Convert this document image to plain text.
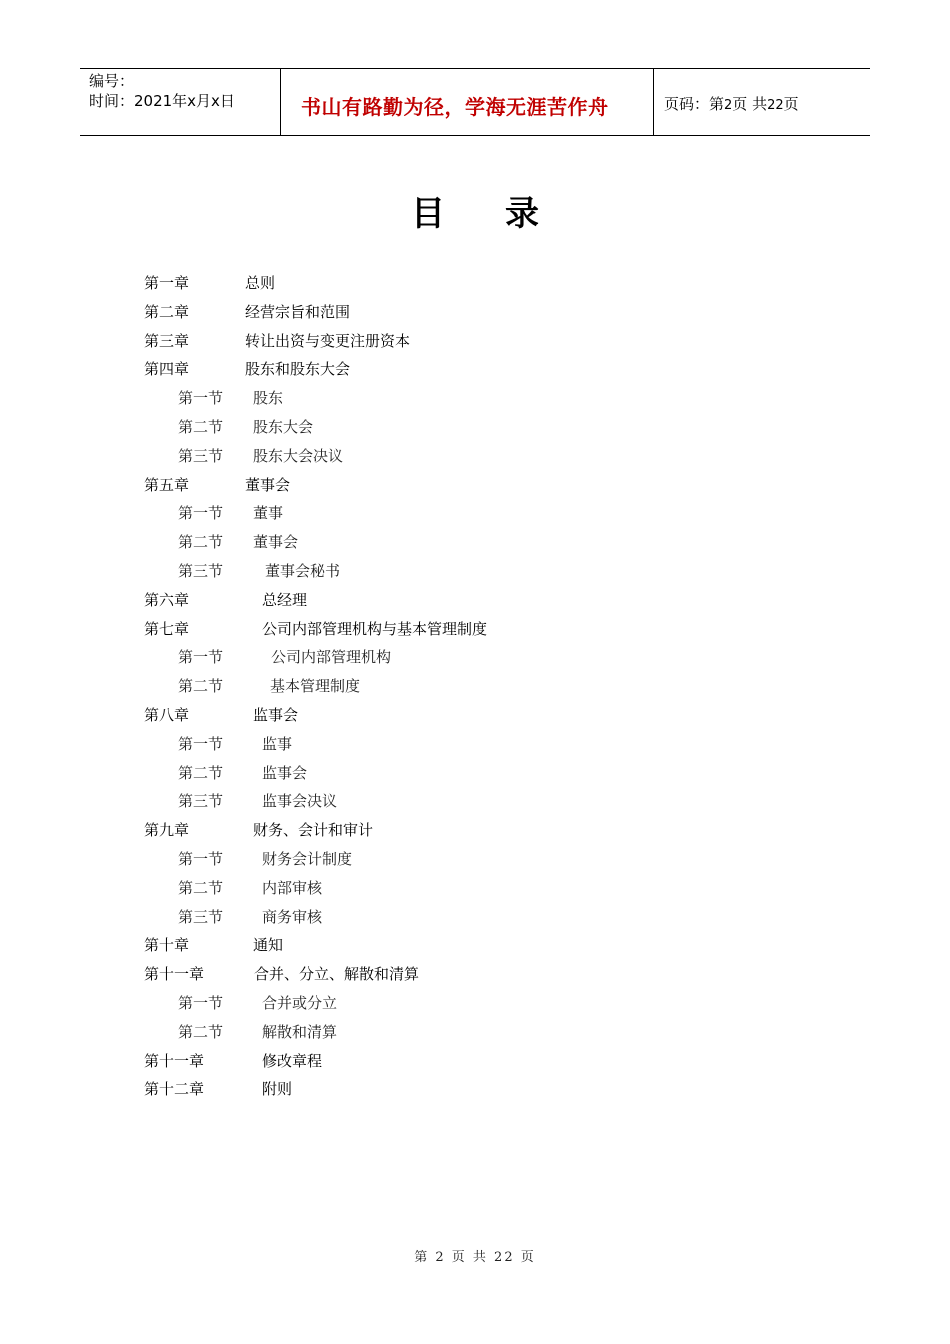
编号：
时间：2021年x月x日	书山有路勤为径，学海无涯苦作舟	页码：第2页 共22页
目录
第一章	总则
第二章	经营宗旨和范围
第三章	转让出资与变更注册资本
第四章	股东和股东大会
第一节 股东
第二节 股东大会
第三节 股东大会决议
第五章	董事会
第一节 董事
第二节 董事会
第三节	董事会秘书
第六章	总经理
第七章	公司内部管理机构与基本管理制度
第一节	公司内部管理机构
第二节	基本管理制度
第八章	监事会
第一节	监事
第二节	监事会
第三节	监事会决议
第九章	财务、会计和审计
第一节	财务会计制度
第二节	内部审核
第三节	商务审核
第十章	通知
第十一章	合并、分立、解散和清算
第一节	合并或分立
第二节	解散和清算
第十一章	修改章程
第十二章	附则
第 2 页 共 22 页
